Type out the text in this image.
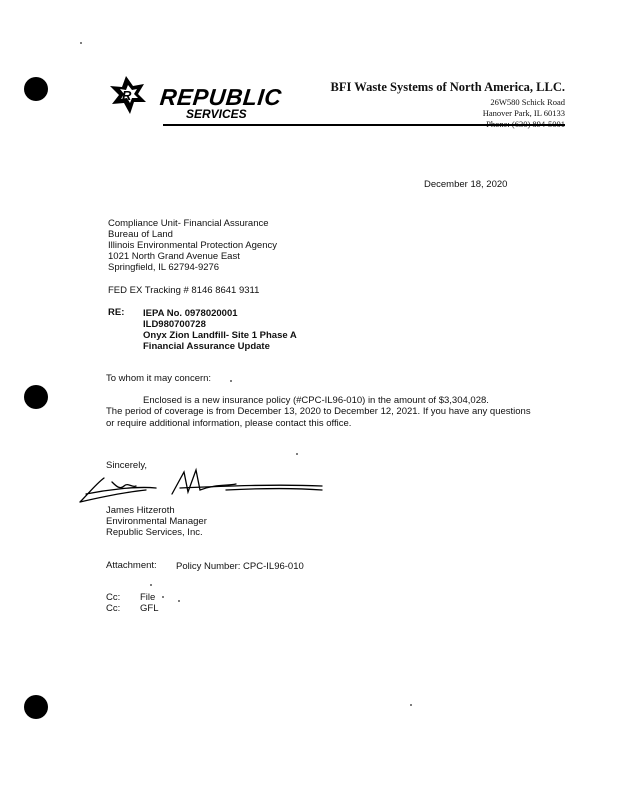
R REPUBLIC
SERVICES
BFI Waste Systems of North America, LLC.
26W580 Schick Road
Hanover Park, IL 60133
December 18, 2020
Compliance Unit- Financial Assurance
Bureau of Land
Illinois Environmental Protection Agency
1021 North Grand Avenue East
Springfield, IL 62794-9276
FED EX Tracking # 8146 8641 9311
RE: IEPA No. 0978020001
ILD980700728
Onyx Zion Landfill- Site 1 Phase A
Financial Assurance Update
To whom it may concern:
Enclosed is a new insurance policy (#CPC-IL96-010) in the amount of $3,304,028.
The period of coverage is from December 13, 2020 to December 12, 2021. If you have any questions
or require additional information, please contact this office.
Sincerely,
James Hitzeroth
Environmental Manager
Republic Services, Inc.
Attachment: Policy Number: CPC-IL96-010
Cc: File
Cc: GFL
